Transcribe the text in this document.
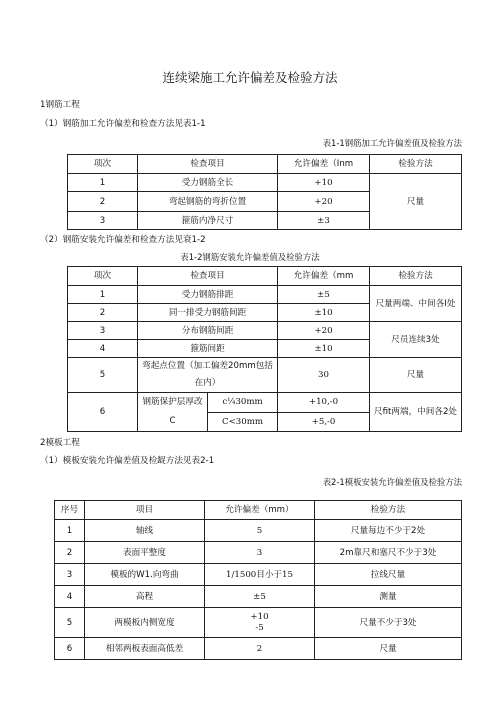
连续梁施工允许偏差及检验方法
1钢筋工程
（1）钢筋加工允许偏差和检查方法见表1-1
表1-1钢筋加工允许偏差值及检验方法
项次	检查项目	允许偏差（Inm	检验方法
1	受力钢筋全长	+10	尺量
2	弯起钢筋的弯折位置	+20	
3	箍筋内净尺寸	±3	
（2）钢筋安装允许偏差和检查方法见衰1-2
表1-2钢筋安装允许偏差值及检验方法
项次	检查项目		允许偏差（mm	检验方法
1	受力钢筋排距		±5	尺量两端、中间各I处
2	同一排受力钢筋间距		±10	
3	分布钢筋间距		+20	尺员连续3处
4	箍筋间距		±10	
5	弯起点位置（加工偏差20mm包括在内）		30	尺量
6	钢筋保护层厚改C	c¼30mm	+10,-0	尺fit两端，中间各2处
		C<30mm	+5,-0	
2模板工程
（1）模板安装允许偏差值及检龊方法见表2-1
表2-1模板安装允许偏差值及检验方法
序号	项目	允许偏差（mm）	检验方法
1	轴线	5	尺量每边不少于2处
2	表面平整度	3	2m靠尺和塞尺不少于3处
3	模板的W1.向弯曲	1/1500目小于15	拉线尺量
4	高程	±5	测量
5	两模板内侧宽度	+10
-5	尺量不少于3处
6	相邻两板表面高低差	2	尺量
